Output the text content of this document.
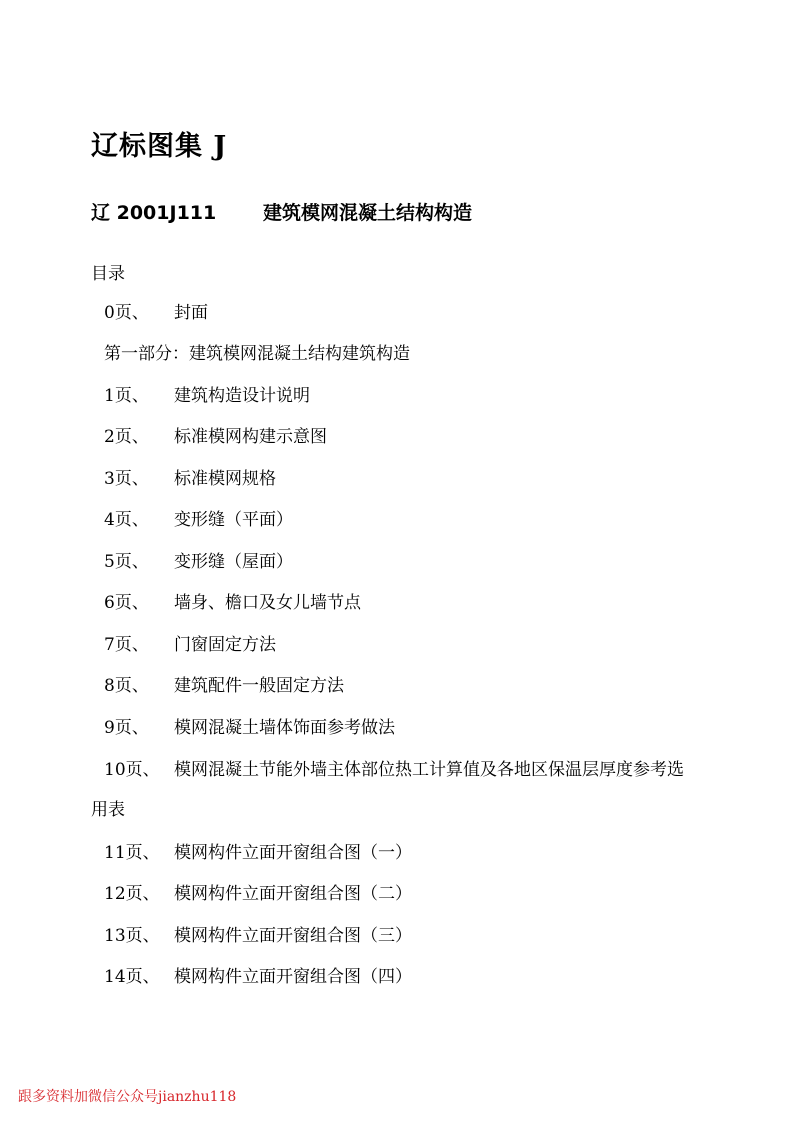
辽标图集 J
辽 2001J111 建筑模网混凝土结构构造
目录
0页、 封面
第一部分：建筑模网混凝土结构建筑构造
1页、 建筑构造设计说明
2页、 标准模网构建示意图
3页、 标准模网规格
4页、 变形缝（平面）
5页、 变形缝（屋面）
6页、 墙身、檐口及女儿墙节点
7页、 门窗固定方法
8页、 建筑配件一般固定方法
9页、 模网混凝土墙体饰面参考做法
10页、 模网混凝土节能外墙主体部位热工计算值及各地区保温层厚度参考选
用表
11页、 模网构件立面开窗组合图（一）
12页、 模网构件立面开窗组合图（二）
13页、 模网构件立面开窗组合图（三）
14页、 模网构件立面开窗组合图（四）
跟多资料加微信公众号jianzhu118
